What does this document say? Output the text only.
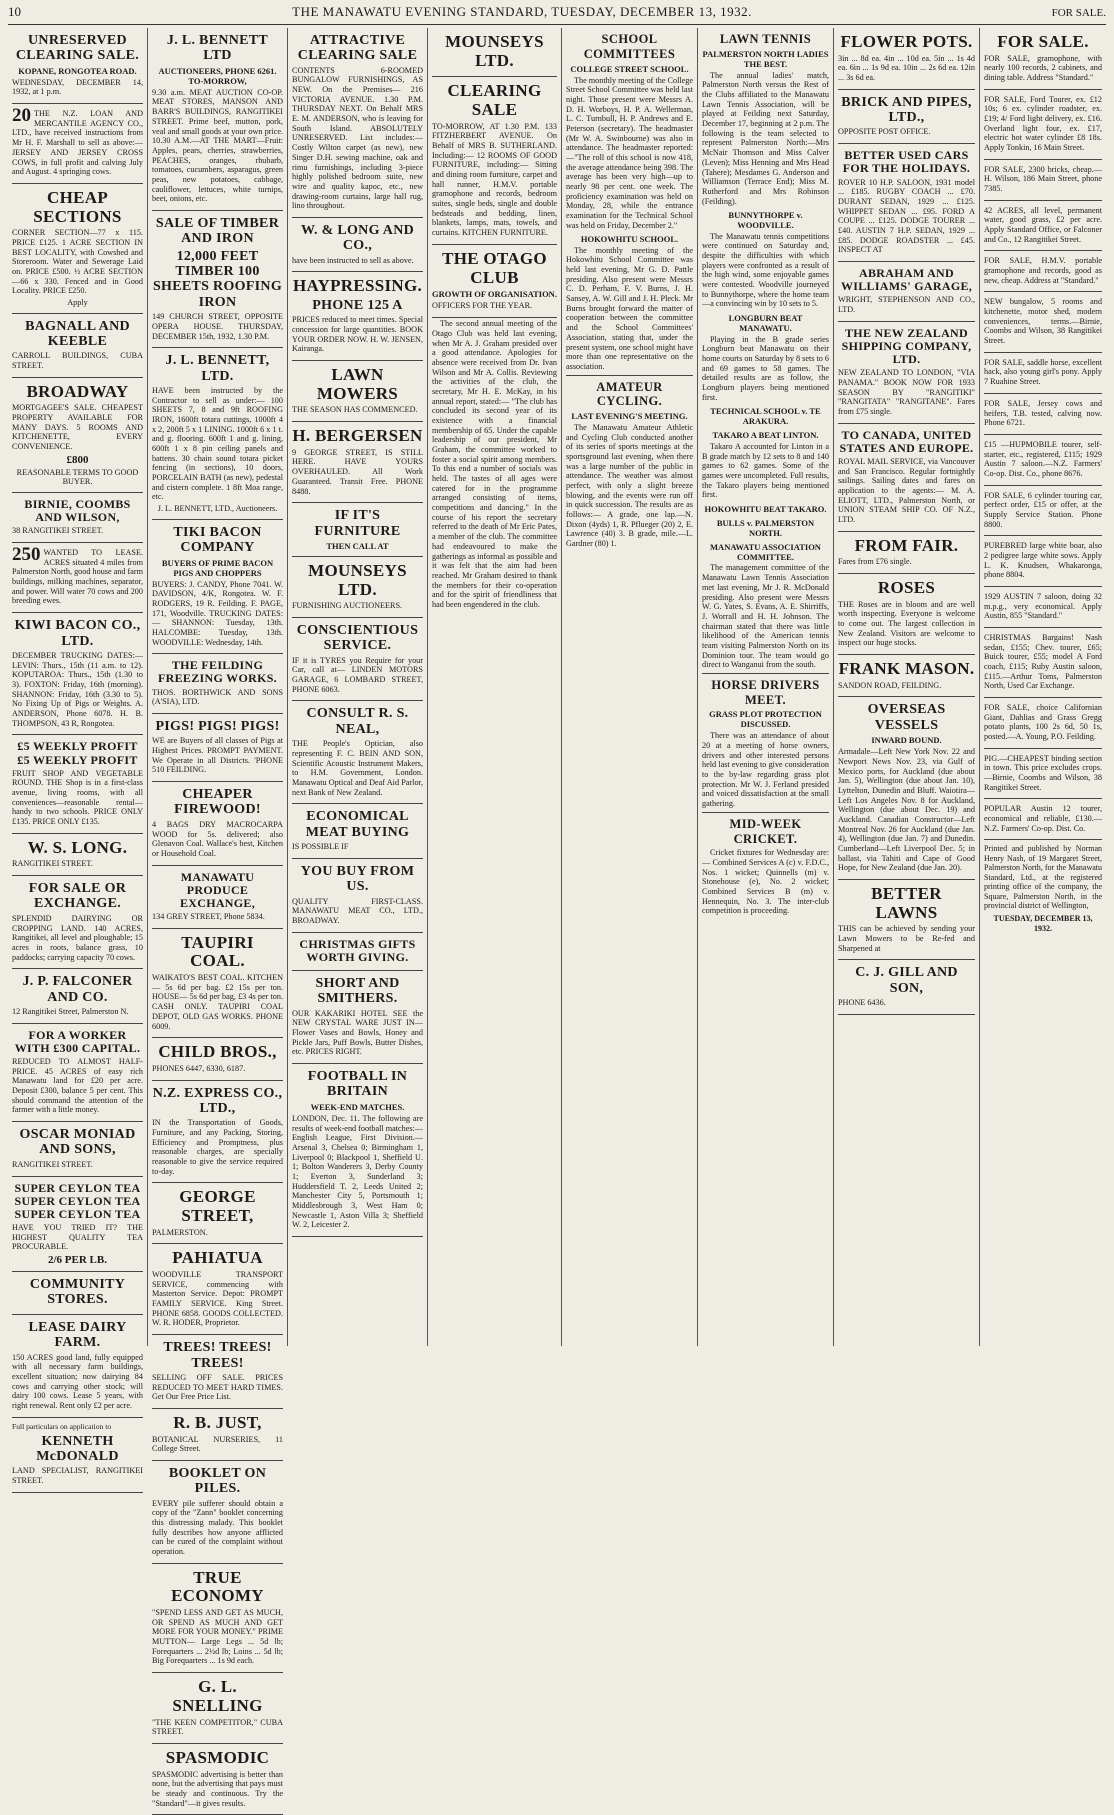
10	THE MANAWATU EVENING STANDARD, TUESDAY, DECEMBER 13, 1932.	FOR SALE.
UNRESERVED CLEARING SALE.
KOPANE, RONGOTEA ROAD.
WEDNESDAY, DECEMBER 14, 1932, at 1 p.m.
20 THE N.Z. LOAN AND MERCANTILE AGENCY CO., LTD., have received instructions from Mr H. F. Marshall to sell as above:— JERSEY AND JERSEY CROSS COWS, in full profit and calving July and August. 4 springing cows.
CHEAP SECTIONS
CORNER SECTION—77 x 115. PRICE £125. 1 ACRE SECTION IN BEST LOCALITY, with Cowshed and Storeroom. Water and Sewerage Laid on. PRICE £500. ½ ACRE SECTION—66 x 330. Fenced and in Good Locality. PRICE £250.
Apply
BAGNALL AND KEEBLE
CARROLL BUILDINGS, CUBA STREET.
BROADWAY
MORTGAGEE'S SALE. CHEAPEST PROPERTY AVAILABLE FOR MANY DAYS. 5 ROOMS AND KITCHENETTE, EVERY CONVENIENCE.
£800
REASONABLE TERMS TO GOOD BUYER.
BIRNIE, COOMBS AND WILSON,
38 RANGITIKEI STREET.
250 WANTED TO LEASE. ACRES situated 4 miles from Palmerston North, good house and farm buildings, milking machines, separator, and power. Will water 70 cows and 200 breeding ewes.
KIWI BACON CO., LTD.
DECEMBER TRUCKING DATES:— LEVIN: Thurs., 15th (11 a.m. to 12). KOPUTAROA: Thurs., 15th (1.30 to 3). FOXTON: Friday, 16th (morning). SHANNON: Friday, 16th (3.30 to 5). No Fixing Up of Pigs or Weights. A. ANDERSON, Phone 6078. H. B. THOMPSON, 43 R, Rongotea.
£5 WEEKLY PROFIT £5 WEEKLY PROFIT
FRUIT SHOP AND VEGETABLE ROUND. THE Shop is in a first-class avenue, living rooms, with all conveniences—reasonable rental—handy to two schools. PRICE ONLY £135. PRICE ONLY £135.
W. S. LONG.
RANGITIKEI STREET.
FOR SALE OR EXCHANGE.
SPLENDID DAIRYING OR CROPPING LAND. 140 ACRES, Rangitikei, all level and ploughable; 15 acres in roots, balance grass, 10 paddocks; carrying capacity 70 cows.
J. P. FALCONER AND CO.
12 Rangitikei Street, Palmerston N.
FOR A WORKER WITH £300 CAPITAL.
REDUCED TO ALMOST HALF-PRICE. 45 ACRES of easy rich Manawatu land for £20 per acre. Deposit £300, balance 5 per cent. This should command the attention of the farmer with a little money.
OSCAR MONIAD AND SONS,
RANGITIKEI STREET.
SUPER CEYLON TEA SUPER CEYLON TEA SUPER CEYLON TEA
HAVE YOU TRIED IT? THE HIGHEST QUALITY TEA PROCURABLE.
2/6 PER LB.
COMMUNITY STORES.
LEASE DAIRY FARM.
150 ACRES good land, fully equipped with all necessary farm buildings, excellent situation; now dairying 84 cows and carrying other stock; will dairy 100 cows. Lease 5 years, with right renewal. Rent only £2 per acre.
Full particulars on application to
KENNETH McDONALD
LAND SPECIALIST, RANGITIKEI STREET.
J. L. BENNETT LTD
AUCTIONEERS, PHONE 6261. TO-MORROW,
9.30 a.m. MEAT AUCTION CO-OP. MEAT STORES, MANSON AND BARR'S BUILDINGS, RANGITIKEI STREET. Prime beef, mutton, pork, veal and small goods at your own price. 10.30 A.M.—AT THE MART—Fruit: Apples, pears, cherries, strawberries, PEACHES, oranges, rhubarb, tomatoes, cucumbers, asparagus, green peas, new potatoes, cabbage, cauliflower, lettuces, white turnips, beet, onions, etc.
SALE OF TIMBER AND IRON
12,000 FEET TIMBER 100 SHEETS ROOFING IRON
149 CHURCH STREET, OPPOSITE OPERA HOUSE. THURSDAY, DECEMBER 15th, 1932, 1.30 P.M.
J. L. BENNETT, LTD.
HAVE been instructed by the Contractor to sell as under:— 100 SHEETS 7, 8 and 9ft ROOFING IRON, 1600ft totara cuttings, 1000ft 4 x 2, 200ft 5 x 1 LINING. 1000ft 6 x 1 t. and g. flooring. 600ft 1 and g. lining, 600ft 1 x 8 pin ceiling panels and battens. 30 chain sound totara picket fencing (in sections), 10 doors, PORCELAIN BATH (as new), pedestal and cistern complete. 1 8ft Moa range, etc.
J. L. BENNETT, LTD., Auctioneers.
TIKI BACON COMPANY
BUYERS OF PRIME BACON PIGS AND CHOPPERS
BUYERS: J. CANDY, Phone 7041. W. DAVIDSON, 4/K, Rongotea. W. F. RODGERS, 19 R. Feilding. F. PAGE, 171, Woodville. TRUCKING DATES:— SHANNON: Tuesday, 13th. HALCOMBE: Tuesday, 13th. WOODVILLE: Wednesday, 14th.
THE FEILDING FREEZING WORKS.
THOS. BORTHWICK AND SONS (A'SIA), LTD.
PIGS! PIGS! PIGS!
WE are Buyers of all classes of Pigs at Highest Prices. PROMPT PAYMENT. We Operate in all Districts. 'PHONE 510 FEILDING.
CHEAPER FIREWOOD!
4 BAGS DRY MACROCARPA WOOD for 5s. delivered; also Glenavon Coal. Wallace's best, Kitchen or Household Coal.
MANAWATU PRODUCE EXCHANGE,
134 GREY STREET, Phone 5834.
TAUPIRI COAL.
WAIKATO'S BEST COAL. KITCHEN— 5s 6d per bag. £2 15s per ton. HOUSE— 5s 6d per bag, £3 4s per ton. CASH ONLY. TAUPIRI COAL DEPOT, OLD GAS WORKS. PHONE 6009.
CHILD BROS.,
PHONES 6447, 6330, 6187.
N.Z. EXPRESS CO., LTD.,
IN the Transportation of Goods, Furniture, and any Packing, Storing, Efficiency and Promptness, plus reasonable charges, are specially reasonable to give the service required to-day.
GEORGE STREET,
PALMERSTON.
PAHIATUA
WOODVILLE TRANSPORT SERVICE, commencing with Masterton Service. Depot: PROMPT FAMILY SERVICE. King Street. PHONE 6858. GOODS COLLECTED. W. R. HODER, Proprietor.
TREES! TREES! TREES!
SELLING OFF SALE. PRICES REDUCED TO MEET HARD TIMES. Get Our Free Price List.
R. B. JUST,
BOTANICAL NURSERIES, 11 College Street.
BOOKLET ON PILES.
EVERY pile sufferer should obtain a copy of the "Zann" booklet concerning this distressing malady. This booklet fully describes how anyone afflicted can be cured of the complaint without operation.
TRUE ECONOMY
"SPEND LESS AND GET AS MUCH, OR SPEND AS MUCH AND GET MORE FOR YOUR MONEY." PRIME MUTTON— Large Legs ... 5d lb; Forequarters ... 2½d lb; Loins ... 5d lb; Big Forequarters ... 1s 9d each.
G. L. SNELLING
"THE KEEN COMPETITOR," CUBA STREET.
SPASMODIC
SPASMODIC advertising is better than none, but the advertising that pays must be steady and continuous. Try the "Standard"—it gives results.
ATTRACTIVE CLEARING SALE
CONTENTS 6-ROOMED BUNGALOW FURNISHINGS, AS NEW. On the Premises— 216 VICTORIA AVENUE. 1.30 P.M. THURSDAY NEXT. On Behalf MRS E. M. ANDERSON, who is leaving for South Island. ABSOLUTELY UNRESERVED. List includes:—Costly Wilton carpet (as new), new Singer D.H. sewing machine, oak and rimu furnishings, including 3-piece highly polished bedroom suite, new wire and quality kapoc, etc., new drawing-room curtains, large hall rug, lino throughout.
W. & LONG AND CO.,
have been instructed to sell as above.
HAYPRESSING.
PHONE 125 A
PRICES reduced to meet times. Special concession for large quantities. BOOK YOUR ORDER NOW. H. W. JENSEN, Kairanga.
LAWN MOWERS
THE SEASON HAS COMMENCED.
H. BERGERSEN
9 GEORGE STREET, IS STILL HERE. HAVE YOURS OVERHAULED. All Work Guaranteed. Transit Free. PHONE 8488.
IF IT'S FURNITURE
THEN CALL AT
MOUNSEYS LTD.
FURNISHING AUCTIONEERS.
CONSCIENTIOUS SERVICE.
IF it is TYRES you Require for your Car, call at— LINDEN MOTORS GARAGE, 6 LOMBARD STREET, PHONE 6063.
CONSULT R. S. NEAL,
THE People's Optician, also representing F. C. BEIN AND SON, Scientific Acoustic Instrument Makers, to H.M. Government, London. Manawatu Optical and Deaf Aid Parlor, next Bank of New Zealand.
ECONOMICAL MEAT BUYING
IS POSSIBLE IF
YOU BUY FROM US.
QUALITY FIRST-CLASS. MANAWATU MEAT CO., LTD., BROADWAY.
CHRISTMAS GIFTS WORTH GIVING.
SHORT AND SMITHERS.
OUR KAKARIKI HOTEL SEE the NEW CRYSTAL WARE JUST IN—Flower Vases and Bowls, Honey and Pickle Jars, Puff Bowls, Butter Dishes, etc. PRICES RIGHT.
FOOTBALL IN BRITAIN
WEEK-END MATCHES.
LONDON, Dec. 11. The following are results of week-end football matches:— English League, First Division.—Arsenal 3, Chelsea 0; Birmingham 1, Liverpool 0; Blackpool 1, Sheffield U. 1; Bolton Wanderers 3, Derby County 1; Everton 3, Sunderland 3; Huddersfield T. 2, Leeds United 2; Manchester City 5, Portsmouth 1; Middlesbrough 3, West Ham 0; Newcastle 1, Aston Villa 3; Sheffield W. 2, Leicester 2.
MOUNSEYS LTD.
CLEARING SALE
TO-MORROW, AT 1.30 P.M. 133 FITZHERBERT AVENUE. On Behalf of MRS B. SUTHERLAND. Including:— 12 ROOMS OF GOOD FURNITURE, including:— Sitting and dining room furniture, carpet and hall runner, H.M.V. portable gramophone and records, bedroom suites, single beds, single and double bedsteads and bedding, linen, blankets, lamps, mats, towels, and curtains. KITCHEN FURNITURE.
THE OTAGO CLUB
GROWTH OF ORGANISATION.
OFFICERS FOR THE YEAR.

The second annual meeting of the Otago Club was held last evening, when Mr A. J. Graham presided over a good attendance. Apologies for absence were received from Dr. Ivan Wilson and Mr A. Collis. Reviewing the activities of the club, the secretary, Mr H. E. McKay, in his annual report, stated:— "The club has concluded its second year of its existence with a financial membership of 65. Under the capable leadership of our president, Mr Graham, the committee worked to foster a social spirit among members. To this end a number of socials was held. The tastes of all ages were catered for in the programme arranged consisting of items, competitions and dancing." In the course of his report the secretary referred to the death of Mr Eric Pates, a member of the club. The committee had endeavoured to make the gatherings as informal as possible and it was felt that the aim had been reached. Mr Graham desired to thank the members for their co-operation and for the spirit of friendliness that had been engendered in the club.

SCHOOL COMMITTEES
COLLEGE STREET SCHOOL.

The monthly meeting of the College Street School Committee was held last night. Those present were Messrs A. D. H. Worboys, H. P. A. Wellerman, L. C. Turnbull, H. P. Andrews and E. Peterson (secretary). The headmaster (Mr W. A. Swinbourne) was also in attendance. The headmaster reported:—"The roll of this school is now 418, the average attendance being 398. The average has been very high—up to nearly 98 per cent. one week. The proficiency examination was held on Monday, 28, while the entrance examination for the Technical School was held on Friday, December 2."

HOKOWHITU SCHOOL.

The monthly meeting of the Hokowhitu School Committee was held last evening, Mr G. D. Pattle presiding. Also present were Messrs C. D. Perham, F. V. Burns, J. H. Sansey, A. W. Gill and J. H. Pleck. Mr Burns brought forward the matter of cooperation between the committee and the School Committees' Association, stating that, under the present system, one school might have more than one representative on the association.

AMATEUR CYCLING.
LAST EVENING'S MEETING.

The Manawatu Amateur Athletic and Cycling Club conducted another of its series of sports meetings at the sportsground last evening, when there was a large number of the public in attendance. The weather was almost perfect, with only a slight breeze blowing, and the events were run off in quick succession. The results are as follows:— A grade, one lap.—N. Dixon (4yds) 1, R. Pflueger (20) 2, E. Lawrence (40) 3. B grade, mile.—L. Gardner (80) 1.

LAWN TENNIS
PALMERSTON NORTH LADIES THE BEST.

The annual ladies' match, Palmerston North versus the Rest of the Clubs affiliated to the Manawatu Lawn Tennis Association, will be played at Feilding next Saturday, December 17, beginning at 2 p.m. The following is the team selected to represent Palmerston North:—Mrs McNair Thomson and Miss Calver (Leven); Miss Henning and Mrs Head (Tahere); Mesdames G. Anderson and Williamson (Terrace End); Miss M. Rutherford and Mrs Robinson (Feilding).

BUNNYTHORPE v. WOODVILLE.

The Manawatu tennis competitions were continued on Saturday and, despite the difficulties with which players were confronted as a result of the high wind, some enjoyable games were contested. Woodville journeyed to Bunnythorpe, where the home team—a convincing win by 10 sets to 5.

LONGBURN BEAT MANAWATU.

Playing in the B grade series Longburn beat Manawatu on their home courts on Saturday by 8 sets to 6 and 69 games to 58 games. The detailed results are as follow, the Longburn players being mentioned first.

TECHNICAL SCHOOL v. TE ARAKURA.
TAKARO A BEAT LINTON.

Takaro A accounted for Linton in a B grade match by 12 sets to 8 and 140 games to 62 games. Some of the games were uncompleted. Full results, the Takaro players being mentioned first.

HOKOWHITU BEAT TAKARO.
BULLS v. PALMERSTON NORTH.
MANAWATU ASSOCIATION COMMITTEE.

The management committee of the Manawatu Lawn Tennis Association met last evening, Mr J. R. McDonald presiding. Also present were Messrs W. G. Yates, S. Evans, A. E. Shirriffs, J. Worrall and H. H. Johnson. The chairman stated that there was little likelihood of the American tennis team visiting Palmerston North on its Dominion tour. The team would go direct to Wanganui from the south.

HORSE DRIVERS MEET.
GRASS PLOT PROTECTION DISCUSSED.

There was an attendance of about 20 at a meeting of horse owners, drivers and other interested persons held last evening to give consideration to the by-law regarding grass plot protection. Mr W. J. Ferland presided and voiced dissatisfaction at the small gathering.

MID-WEEK CRICKET.

Cricket fixtures for Wednesday are:— Combined Services A (c) v. F.D.C., Nos. 1 wicket; Quinnells (m) v. Stonehouse (e), No. 2 wicket; Combined Services B (m) v. Hennequin, No. 3. The inter-club competition is proceeding.

FLOWER POTS.
3in ... 8d ea. 4in ... 10d ea. 5in ... 1s 4d ea. 6in ... 1s 9d ea. 10in ... 2s 6d ea. 12in ... 3s 6d ea.
BRICK AND PIPES, LTD.,
OPPOSITE POST OFFICE.
BETTER USED CARS FOR THE HOLIDAYS.
ROVER 10 H.P. SALOON, 1931 model ... £185. RUGBY COACH ... £70. DURANT SEDAN, 1929 ... £125. WHIPPET SEDAN ... £95. FORD A COUPE ... £125. DODGE TOURER ... £40. AUSTIN 7 H.P. SEDAN, 1929 ... £85. DODGE ROADSTER ... £45. INSPECT AT
ABRAHAM AND WILLIAMS' GARAGE,
WRIGHT, STEPHENSON AND CO., LTD.
THE NEW ZEALAND SHIPPING COMPANY, LTD.
NEW ZEALAND TO LONDON, "VIA PANAMA." BOOK NOW FOR 1933 SEASON BY "RANGITIKI" "RANGITATA" "RANGITANE". Fares from £75 single.
TO CANADA, UNITED STATES AND EUROPE.
ROYAL MAIL SERVICE, via Vancouver and San Francisco. Regular fortnightly sailings. Sailing dates and fares on application to the agents:— M. A. ELIOTT, LTD., Palmerston North, or UNION STEAM SHIP CO. OF N.Z., LTD.
FROM FAIR.
Fares from £76 single.
ROSES
THE Roses are in bloom and are well worth inspecting. Everyone is welcome to come out. The largest collection in New Zealand. Visitors are welcome to inspect our huge stocks.
FRANK MASON.
SANDON ROAD, FEILDING.
OVERSEAS VESSELS
INWARD BOUND.
Armadale—Left New York Nov. 22 and Newport News Nov. 23, via Gulf of Mexico ports, for Auckland (due about Jan. 5), Wellington (due about Jan. 10), Lyttelton, Dunedin and Bluff. Waiotira—Left Los Angeles Nov. 8 for Auckland, Wellington (due about Dec. 19) and Auckland. Canadian Constructor—Left Montreal Nov. 26 for Auckland (due Jan. 4), Wellington (due Jan. 7) and Dunedin. Cumberland—Left Liverpool Dec. 5; in ballast, via Tahiti and Cape of Good Hope, for New Zealand (due Jan. 20).
BETTER LAWNS
THIS can be achieved by sending your Lawn Mowers to be Re-fed and Sharpened at
C. J. GILL AND SON,
PHONE 6436.
FOR SALE.
FOR SALE, gramophone, with nearly 100 records, 2 cabinets, and dining table. Address "Standard."
FOR SALE, Ford Tourer, ex. £12 10s; 6 ex. cylinder roadster, ex. £19; 4/ Ford light delivery, ex. £16. Overland light four, ex. £17, electric hot water cylinder £8 18s. Apply Tonkin, 16 Main Street.
FOR SALE, 2300 bricks, cheap.—H. Wilson, 186 Main Street, phone 7385.
42 ACRES, all level, permanent water, good grass, £2 per acre. Apply Standard Office, or Falconer and Co., 12 Rangitikei Street.
FOR SALE, H.M.V. portable gramophone and records, good as new, cheap. Address at "Standard."
NEW bungalow, 5 rooms and kitchenette, motor shed, modern conveniences, terms.—Birnie, Coombs and Wilson, 38 Rangitikei Street.
FOR SALE, saddle horse, excellent hack, also young girl's pony. Apply 7 Ruahine Street.
FOR SALE, Jersey cows and heifers, T.B. tested, calving now. Phone 6721.
£15 —HUPMOBILE tourer, self-starter, etc., registered, £115; 1929 Austin 7 saloon.—N.Z. Farmers' Co-op. Dist. Co., phone 8676.
FOR SALE, 6 cylinder touring car, perfect order, £15 or offer, at the Supply Service Station. Phone 8800.
PUREBRED large white boar, also 2 pedigree large white sows. Apply L. K. Knudsen, Whakaronga, phone 8804.
1929 AUSTIN 7 saloon, doing 32 m.p.g., very economical. Apply Austin, 855 "Standard."
CHRISTMAS Bargains! Nash sedan, £155; Chev. tourer, £65; Buick tourer, £55; model A Ford coach, £115; Ruby Austin saloon, £115.—Arthur Toms, Palmerston North, Used Car Exchange.
FOR SALE, choice Californian Giant, Dahlias and Grass Gregg potato plants, 100 2s 6d, 50 1s, posted.—A. Young, P.O. Feilding.
PIG.—CHEAPEST binding section in town. This price excludes crops.—Birnie, Coombs and Wilson, 38 Rangitikei Street.
POPULAR Austin 12 tourer, economical and reliable, £130.—N.Z. Farmers' Co-op. Dist. Co.
Printed and published by Norman Henry Nash, of 19 Margaret Street, Palmerston North, for the Manawatu Standard, Ltd., at the registered printing office of the company, the Square, Palmerston North, in the provincial district of Wellington,
TUESDAY, DECEMBER 13, 1932.
